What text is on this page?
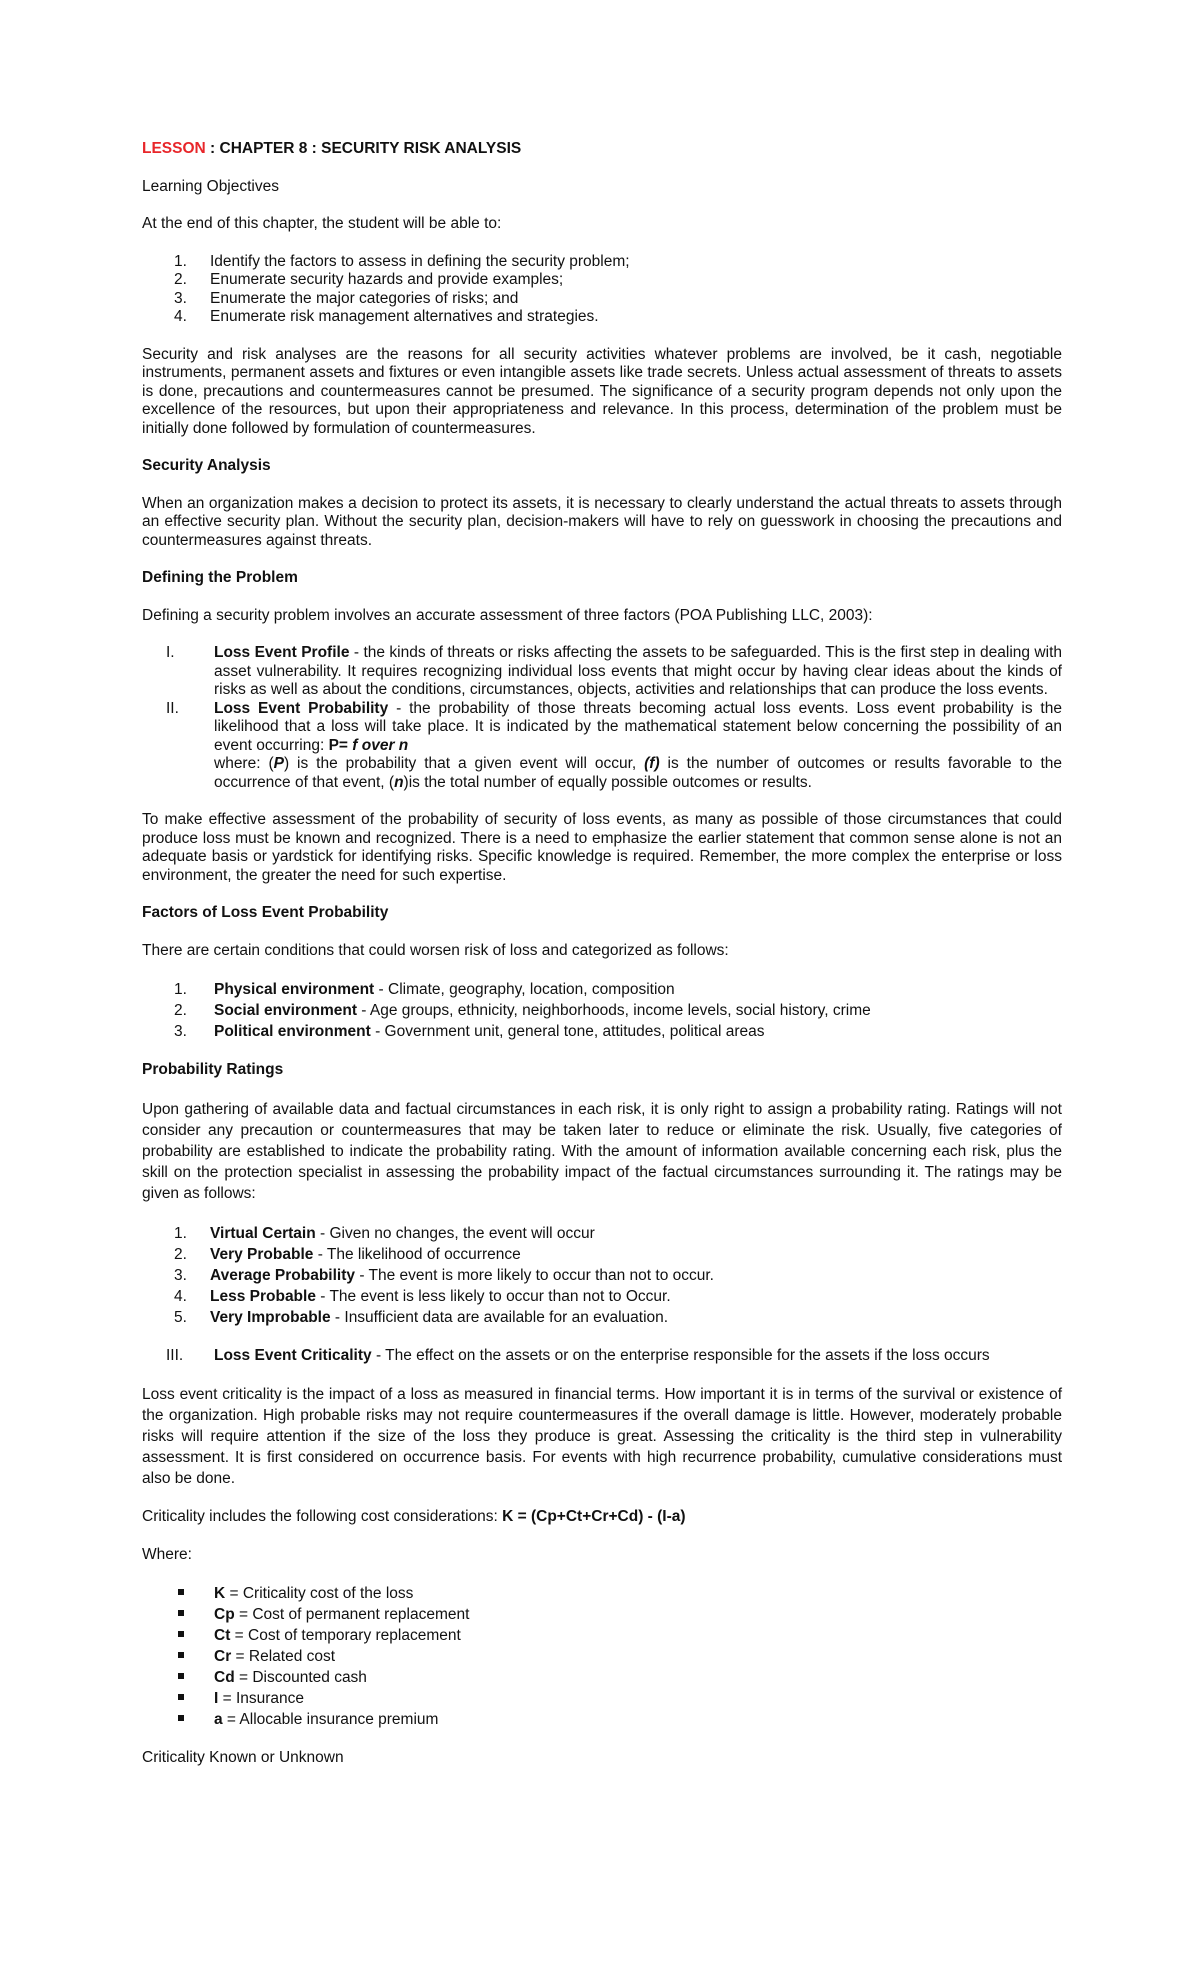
LESSON : CHAPTER 8 : SECURITY RISK ANALYSIS

Learning Objectives

At the end of this chapter, the student will be able to:

1. Identify the factors to assess in defining the security problem;
2. Enumerate security hazards and provide examples;
3. Enumerate the major categories of risks; and
4. Enumerate risk management alternatives and strategies.

Security and risk analyses are the reasons for all security activities whatever problems are involved, be it cash, negotiable instruments, permanent assets and fixtures or even intangible assets like trade secrets. Unless actual assessment of threats to assets is done, precautions and countermeasures cannot be presumed. The significance of a security program depends not only upon the excellence of the resources, but upon their appropriateness and relevance. In this process, determination of the problem must be initially done followed by formulation of countermeasures.

Security Analysis

When an organization makes a decision to protect its assets, it is necessary to clearly understand the actual threats to assets through an effective security plan. Without the security plan, decision-makers will have to rely on guesswork in choosing the precautions and countermeasures against threats.

Defining the Problem

Defining a security problem involves an accurate assessment of three factors (POA Publishing LLC, 2003):

I.	Loss Event Profile - the kinds of threats or risks affecting the assets to be safeguarded. This is the first step in dealing with asset vulnerability. It requires recognizing individual loss events that might occur by having clear ideas about the kinds of risks as well as about the conditions, circumstances, objects, activities and relationships that can produce the loss events.
II. Loss Event Probability - the probability of those threats becoming actual loss events. Loss event probability is the likelihood that a loss will take place. It is indicated by the mathematical statement below concerning the possibility of an event occurring: P= f over n
where: (P) is the probability that a given event will occur, (f) is the number of outcomes or results favorable to the occurrence of that event, (n)is the total number of equally possible outcomes or results.

To make effective assessment of the probability of security of loss events, as many as possible of those circumstances that could produce loss must be known and recognized. There is a need to emphasize the earlier statement that common sense alone is not an adequate basis or yardstick for identifying risks. Specific knowledge is required. Remember, the more complex the enterprise or loss environment, the greater the need for such expertise.

Factors of Loss Event Probability

There are certain conditions that could worsen risk of loss and categorized as follows:

1. Physical environment - Climate, geography, location, composition
2. Social environment - Age groups, ethnicity, neighborhoods, income levels, social history, crime
3. Political environment - Government unit, general tone, attitudes, political areas

Probability Ratings

Upon gathering of available data and factual circumstances in each risk, it is only right to assign a probability rating. Ratings will not consider any precaution or countermeasures that may be taken later to reduce or eliminate the risk. Usually, five categories of probability are established to indicate the probability rating. With the amount of information available concerning each risk, plus the skill on the protection specialist in assessing the probability impact of the factual circumstances surrounding it. The ratings may be given as follows:

1. Virtual Certain - Given no changes, the event will occur
2. Very Probable - The likelihood of occurrence
3. Average Probability - The event is more likely to occur than not to occur.
4. Less Probable - The event is less likely to occur than not to Occur.
5. Very Improbable - Insufficient data are available for an evaluation.
III. Loss Event Criticality - The effect on the assets or on the enterprise responsible for the assets if the loss occurs

Loss event criticality is the impact of a loss as measured in financial terms. How important it is in terms of the survival or existence of the organization. High probable risks may not require countermeasures if the overall damage is little. However, moderately probable risks will require attention if the size of the loss they produce is great. Assessing the criticality is the third step in vulnerability assessment. It is first considered on occurrence basis. For events with high recurrence probability, cumulative considerations must also be done.

Criticality includes the following cost considerations: K = (Cp+Ct+Cr+Cd) - (I-a)

Where:

K = Criticality cost of the loss
Cp = Cost of permanent replacement
Ct = Cost of temporary replacement
Cr = Related cost
Cd = Discounted cash
I = Insurance
a = Allocable insurance premium

Criticality Known or Unknown
